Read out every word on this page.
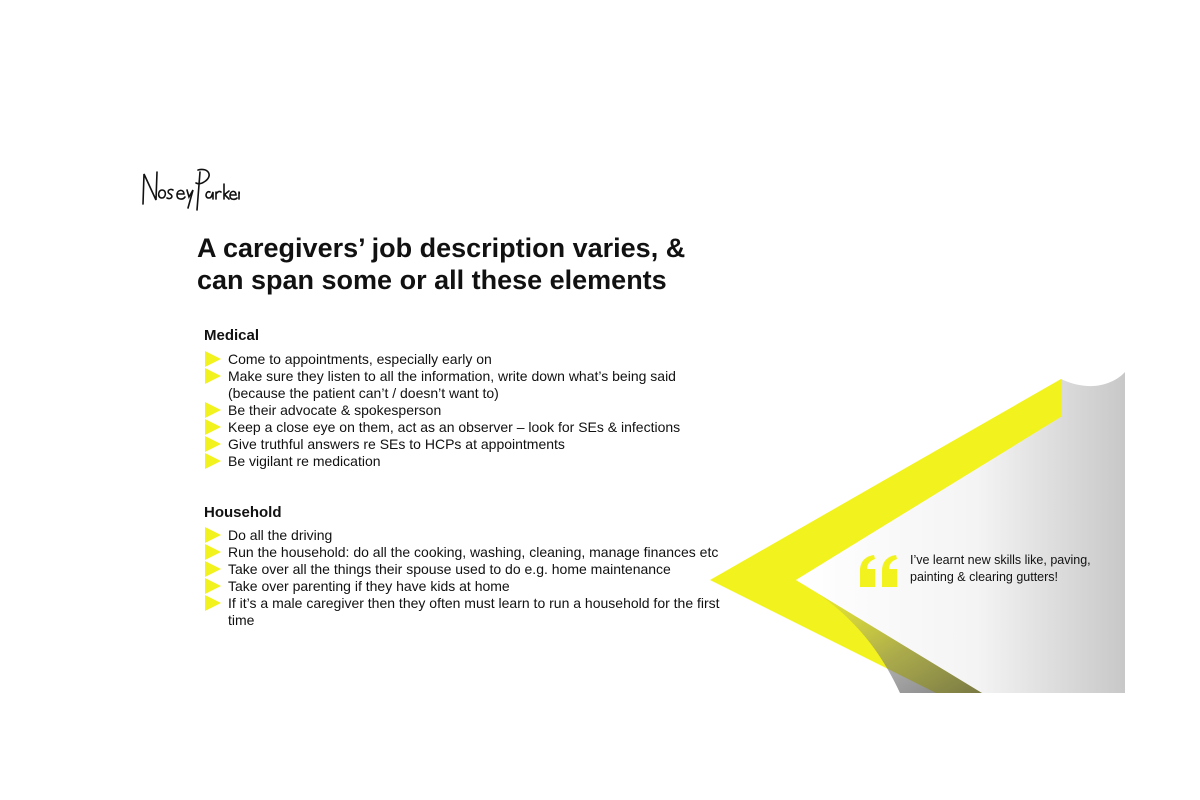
A caregivers’ job description varies, &
can span some or all these elements
Medical
Come to appointments, especially early on
Make sure they listen to all the information, write down what’s being said (because the patient can’t / doesn’t want to)
Be their advocate & spokesperson
Keep a close eye on them, act as an observer – look for SEs & infections
Give truthful answers re SEs to HCPs at appointments
Be vigilant re medication
Household
Do all the driving
Run the household: do all the cooking, washing, cleaning, manage finances etc
Take over all the things their spouse used to do e.g. home maintenance
Take over parenting if they have kids at home
If it’s a male caregiver then they often must learn to run a household for the first time
I’ve learnt new skills like, paving, painting & clearing gutters!
